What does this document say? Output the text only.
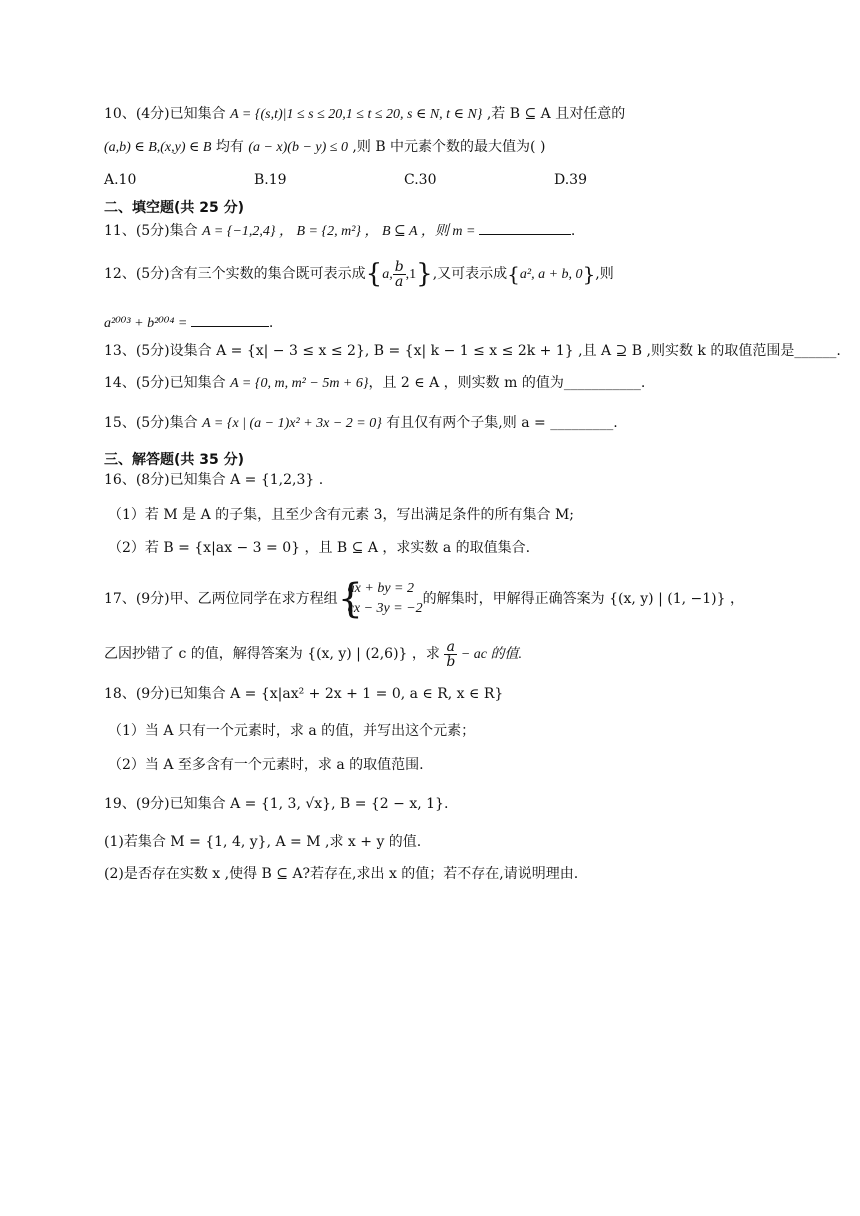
10、(4分)已知集合 A = {(s,t)|1 ≤ s ≤ 20,1 ≤ t ≤ 20, s ∈ N, t ∈ N} ,若 B ⊆ A 且对任意的
(a,b) ∈ B,(x,y) ∈ B 均有 (a − x)(b − y) ≤ 0 ,则 B 中元素个数的最大值为( )
A.10	B.19	C.30	D.39
二、填空题(共 25 分)
11、(5分)集合 A = {−1,2,4} ， B = {2, m²} ， B ⊆ A ，则 m =	.
12、(5分)含有三个实数的集合既可表示成{a, $\frac{b}{a} ,1$},又可表示成{a², a + b, 0},则
a²⁰⁰³ + b²⁰⁰⁴ =	.
13、(5分)设集合 A = {x| − 3 ≤ x ≤ 2}, B = {x| k − 1 ≤ x ≤ 2k + 1} ,且 A ⊇ B ,则实数 k 的取值范围是______.
14、(5分)已知集合 A = {0, m, m² − 5m + 6}，且 2 ∈ A ，则实数 m 的值为___________.
15、(5分)集合 A = {x | (a − 1)x² + 3x − 2 = 0} 有且仅有两个子集,则 a = _________.
三、解答题(共 35 分)
16、(8分)已知集合 A = {1,2,3} .
（1）若 M 是 A 的子集，且至少含有元素 3，写出满足条件的所有集合 M;
（2）若 B = {x|ax − 3 = 0} ，且 B ⊆ A ，求实数 a 的取值集合.
17、(9分)甲、乙两位同学在求方程组 {
ax + by = 2
cx − 3y = −2
的解集时，甲解得正确答案为 {(x, y) | (1, −1)} ，
乙因抄错了 c 的值，解得答案为 {(x, y) | (2,6)} ，求 $\frac{a}{b}$ − ac 的值.
18、(9分)已知集合 A = {x|ax² + 2x + 1 = 0, a ∈ R, x ∈ R}
（1）当 A 只有一个元素时，求 a 的值，并写出这个元素；
（2）当 A 至多含有一个元素时，求 a 的取值范围.
19、(9分)已知集合 A = {1, 3, √x}, B = {2 − x, 1}.
(1)若集合 M = {1, 4, y}, A = M ,求 x + y 的值.
(2)是否存在实数 x ,使得 B ⊆ A?若存在,求出 x 的值；若不存在,请说明理由.
